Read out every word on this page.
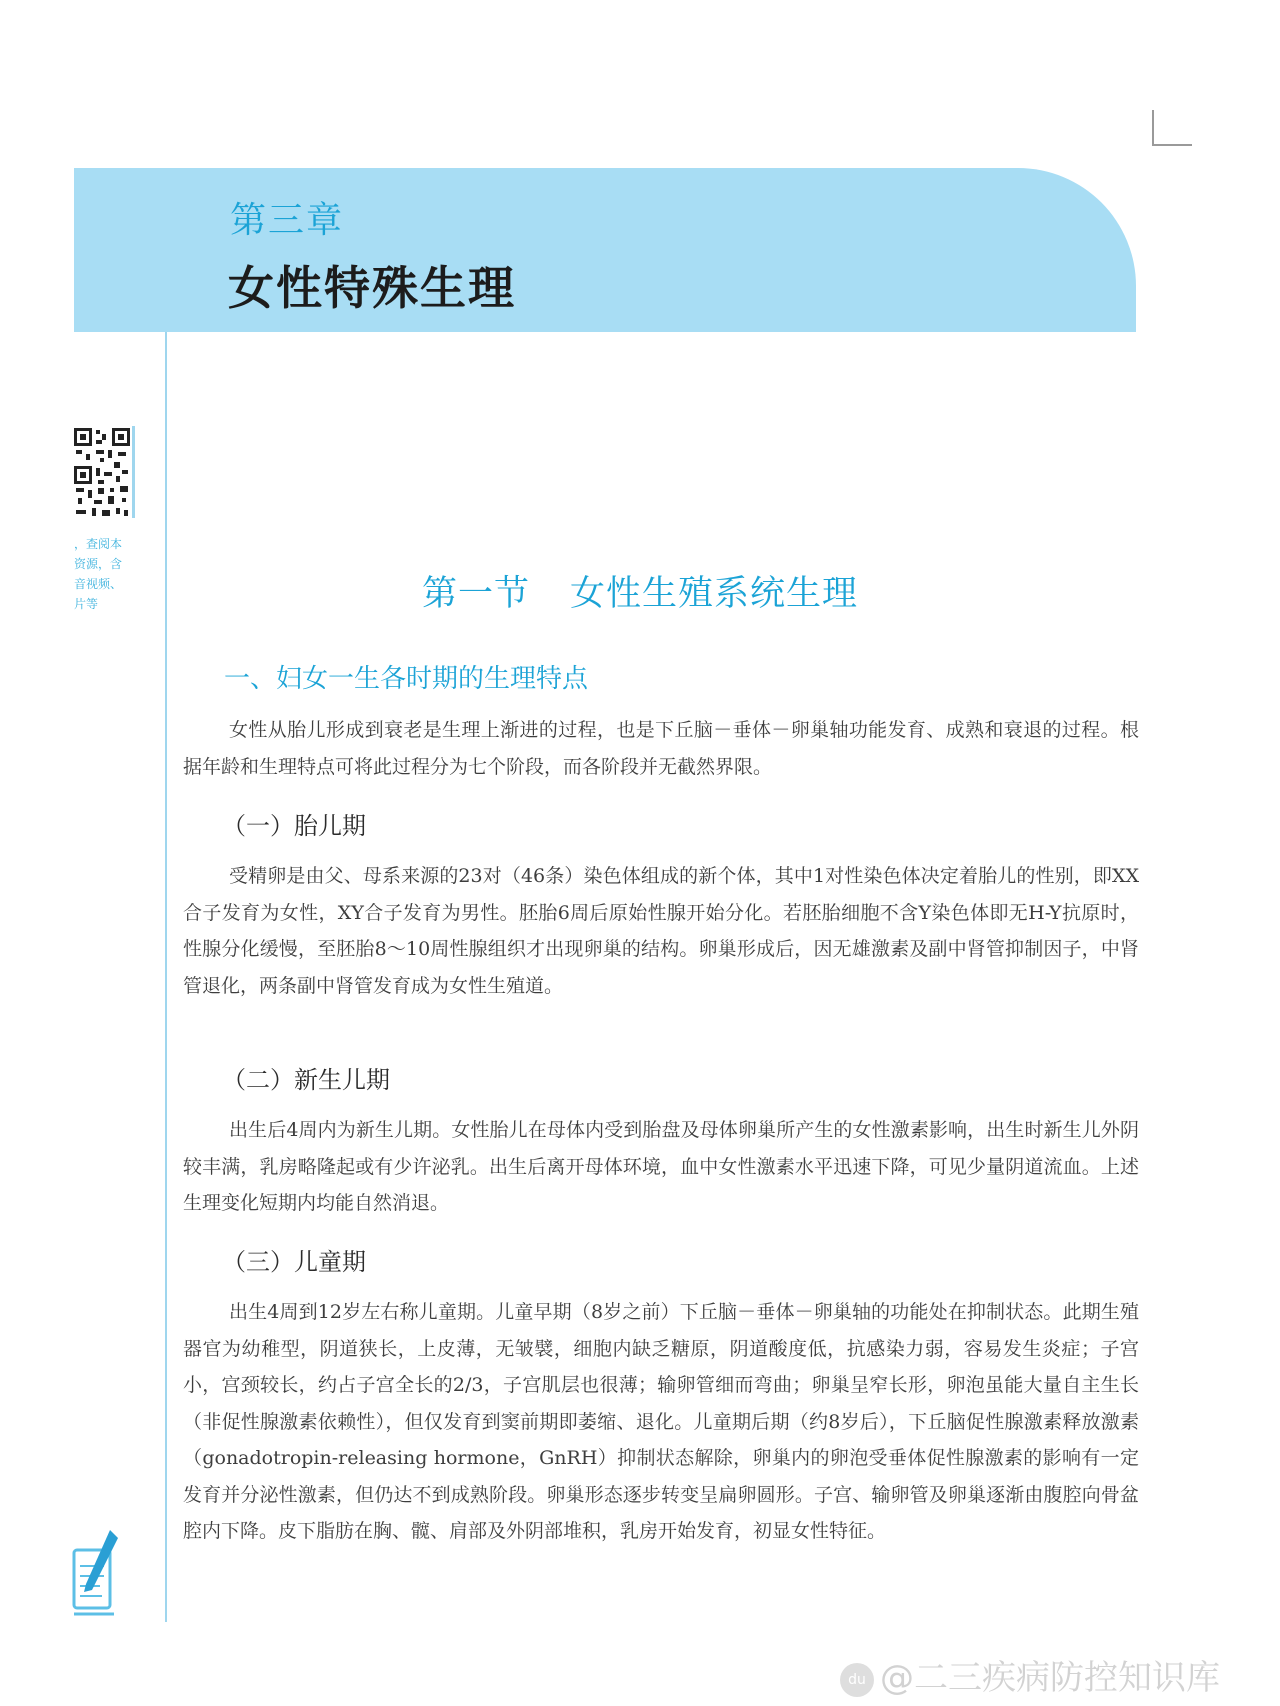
第三章
女性特殊生理
，查阅本
资源，含
音视频、
片等	第一节 女性生殖系统生理
一、妇女一生各时期的生理特点
女性从胎儿形成到衰老是生理上渐进的过程，也是下丘脑－垂体－卵巢轴功能发育、成熟和衰退的过程。根据年龄和生理特点可将此过程分为七个阶段，而各阶段并无截然界限。
（一）胎儿期
受精卵是由父、母系来源的23对（46条）染色体组成的新个体，其中1对性染色体决定着胎儿的性别，即XX合子发育为女性，XY合子发育为男性。胚胎6周后原始性腺开始分化。若胚胎细胞不含Y染色体即无H-Y抗原时，性腺分化缓慢，至胚胎8～10周性腺组织才出现卵巢的结构。卵巢形成后，因无雄激素及副中肾管抑制因子，中肾管退化，两条副中肾管发育成为女性生殖道。
（二）新生儿期
出生后4周内为新生儿期。女性胎儿在母体内受到胎盘及母体卵巢所产生的女性激素影响，出生时新生儿外阴较丰满，乳房略隆起或有少许泌乳。出生后离开母体环境，血中女性激素水平迅速下降，可见少量阴道流血。上述生理变化短期内均能自然消退。
（三）儿童期
出生4周到12岁左右称儿童期。儿童早期（8岁之前）下丘脑－垂体－卵巢轴的功能处在抑制状态。此期生殖器官为幼稚型，阴道狭长，上皮薄，无皱襞，细胞内缺乏糖原，阴道酸度低，抗感染力弱，容易发生炎症；子宫小，宫颈较长，约占子宫全长的2/3，子宫肌层也很薄；输卵管细而弯曲；卵巢呈窄长形，卵泡虽能大量自主生长（非促性腺激素依赖性），但仅发育到窦前期即萎缩、退化。儿童期后期（约8岁后），下丘脑促性腺激素释放激素（gonadotropin-releasing hormone，GnRH）抑制状态解除，卵巢内的卵泡受垂体促性腺激素的影响有一定发育并分泌性激素，但仍达不到成熟阶段。卵巢形态逐步转变呈扁卵圆形。子宫、输卵管及卵巢逐渐由腹腔向骨盆腔内下降。皮下脂肪在胸、髋、肩部及外阴部堆积，乳房开始发育，初显女性特征。
du @二三疾病防控知识库
